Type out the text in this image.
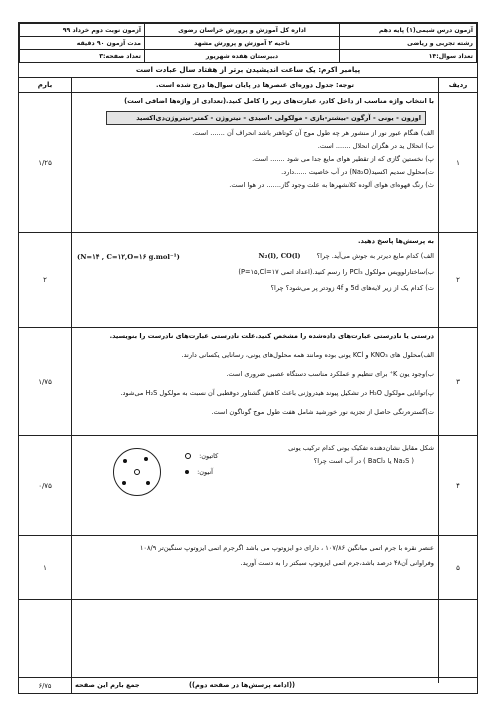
آزمون درس شیمی(۱) پایه دهم	اداره کل آموزش و پرورش خراسان رضوی	آزمون نوبت دوم خرداد ۹۹
رشته تجربی و ریاضی	ناحیه ۲ آموزش و پرورش مشهد	مدت آزمون ۹۰ دقیقه
تعداد سوال:۱۴	دبیرستان هفده شهریور	تعداد صفحه:۳
پیامبر اکرم: یک ساعت اندیشیدن برتر از هفتاد سال عبادت است
ردیف
توجه: جدول دوره‌ای عنصرها در پایان سوال‌ها درج شده است.
بارم
۱
با انتخاب واژه مناسب از داخل کادر، عبارت‌های زیر را کامل کنید.(تعدادی از واژه‌ها اضافی است)
اوزون - یونی - آرگون -بیشتر-بازی - مولکولی -اسیدی - نیتروژن - کمتر-نیتروژن‌دی‌اکسید
الف) هنگام عبور نور از منشور هر چه طول موج آن کوتاهتر باشد انحراف آن ....... است.
ب) انحلال ید در هگزان انحلال ....... است.
پ) نخستین گازی که از تقطیر هوای مایع جدا می شود ....... است.
ت)محلول سدیم اکسید(Na₂O) در آب خاصیت ......دارد.
ث) رنگ قهوه‌ای هوای آلوده کلانشهرها به علت وجود گاز....... در هوا است.
۱/۲۵
۲
به پرسش‌ها پاسخ دهید.
الف) کدام مایع دیرتر به جوش می‌آید. چرا؟ N₂(l), CO(l)
ب)ساختارلوویس مولکول PCl₃ را رسم کنید.(اعداد اتمی P=۱۵,Cl=۱۷)
ت) کدام یک از زیر لایه‌های 5d و 4f زودتر پر می‌شود؟ چرا؟
(N=۱۴ , C=۱۲,O=۱۶ g.mol⁻¹)
۲
۳
درستی یا نادرستی عبارت‌های داده‌شده را مشخص کنید.علت نادرستی عبارت‌های نادرست را بنویسید.
الف)محلول های KNO₃ و KCl یونی بوده ومانند همه محلول‌های یونی، رسانایی یکسانی دارند.
ب)وجود یون K⁺ برای تنظیم و عملکرد مناسب دستگاه عصبی ضروری است.
پ)توانایی مولکول H₂O در تشکیل پیوند هیدروژنی باعث کاهش گشتاور دوقطبی آن نسبت به مولکول H₂S می‌شود.
ت)گستره‌رنگی حاصل از تجزیه نور خورشید شامل هفت طول موج گوناگون است.
۱/۷۵
۴
شکل مقابل نشان‌دهنده تفکیک یونی کدام ترکیب یونی
( Na₂S یا BaCl₂ ) در آب است چرا؟
کاتیون:
آنیون:
۰/۷۵
۵
عنصر نقره با جرم اتمی میانگین ۱۰۷/۸۶ ، دارای دو ایزوتوپ می باشد اگرجرم اتمی ایزوتوپ سنگین‌تر ۱۰۸/۹
وفراوانی آن۴۸ درصد باشد،جرم اتمی ایزوتوپ سبکتر را به دست آورید.
۱
۶/۷۵	جمع بارم این صفحه	((ادامه پرسش‌ها در صفحه دوم))
